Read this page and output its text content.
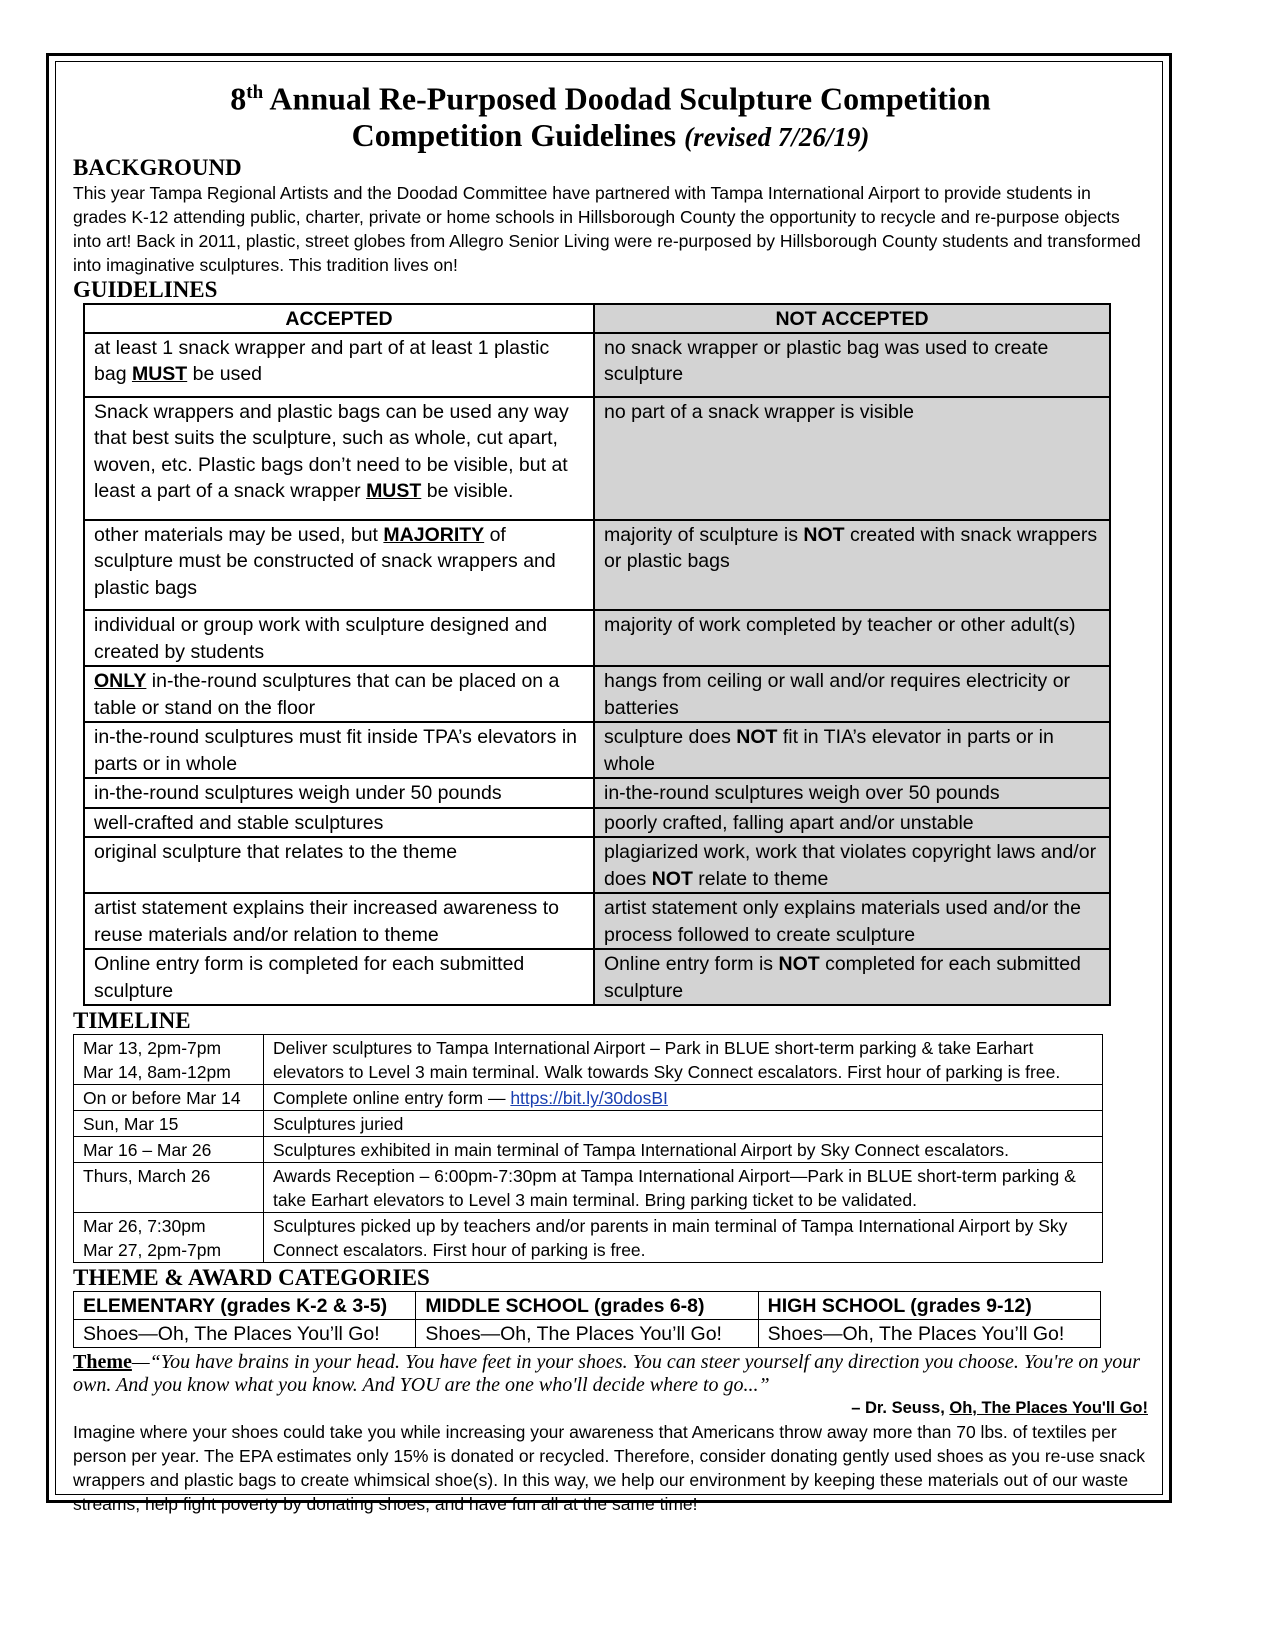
8th Annual Re-Purposed Doodad Sculpture Competition
Competition Guidelines (revised 7/26/19)
BACKGROUND

This year Tampa Regional Artists and the Doodad Committee have partnered with Tampa International Airport to provide students in grades K-12 attending public, charter, private or home schools in Hillsborough County the opportunity to recycle and re-purpose objects into art! Back in 2011, plastic, street globes from Allegro Senior Living were re-purposed by Hillsborough County students and transformed into imaginative sculptures. This tradition lives on!

GUIDELINES
ACCEPTED	NOT ACCEPTED
at least 1 snack wrapper and part of at least 1 plastic bag MUST be used	no snack wrapper or plastic bag was used to create sculpture
Snack wrappers and plastic bags can be used any way that best suits the sculpture, such as whole, cut apart, woven, etc. Plastic bags don’t need to be visible, but at least a part of a snack wrapper MUST be visible.	no part of a snack wrapper is visible
other materials may be used, but MAJORITY of sculpture must be constructed of snack wrappers and plastic bags	majority of sculpture is NOT created with snack wrappers or plastic bags
individual or group work with sculpture designed and created by students	majority of work completed by teacher or other adult(s)
ONLY in-the-round sculptures that can be placed on a table or stand on the floor	hangs from ceiling or wall and/or requires electricity or batteries
in-the-round sculptures must fit inside TPA’s elevators in parts or in whole	sculpture does NOT fit in TIA’s elevator in parts or in whole
in-the-round sculptures weigh under 50 pounds	in-the-round sculptures weigh over 50 pounds
well-crafted and stable sculptures	poorly crafted, falling apart and/or unstable
original sculpture that relates to the theme	plagiarized work, work that violates copyright laws and/or does NOT relate to theme
artist statement explains their increased awareness to reuse materials and/or relation to theme	artist statement only explains materials used and/or the process followed to create sculpture
Online entry form is completed for each submitted sculpture	Online entry form is NOT completed for each submitted sculpture
TIMELINE
Mar 13, 2pm-7pm
Mar 14, 8am-12pm	Deliver sculptures to Tampa International Airport – Park in BLUE short-term parking & take Earhart elevators to Level 3 main terminal. Walk towards Sky Connect escalators. First hour of parking is free.
On or before Mar 14	Complete online entry form — https://bit.ly/30dosBI
Sun, Mar 15	Sculptures juried
Mar 16 – Mar 26	Sculptures exhibited in main terminal of Tampa International Airport by Sky Connect escalators.
Thurs, March 26	Awards Reception – 6:00pm-7:30pm at Tampa International Airport—Park in BLUE short-term parking & take Earhart elevators to Level 3 main terminal. Bring parking ticket to be validated.
Mar 26, 7:30pm
Mar 27, 2pm-7pm	Sculptures picked up by teachers and/or parents in main terminal of Tampa International Airport by Sky Connect escalators. First hour of parking is free.
THEME & AWARD CATEGORIES
ELEMENTARY (grades K-2 & 3-5)	MIDDLE SCHOOL (grades 6-8)	HIGH SCHOOL (grades 9-12)
Shoes—Oh, The Places You’ll Go!	Shoes—Oh, The Places You’ll Go!	Shoes—Oh, The Places You’ll Go!

Theme—“You have brains in your head. You have feet in your shoes. You can steer yourself any direction you choose. You're on your own. And you know what you know. And YOU are the one who'll decide where to go...”

– Dr. Seuss, Oh, The Places You'll Go!

Imagine where your shoes could take you while increasing your awareness that Americans throw away more than 70 lbs. of textiles per person per year. The EPA estimates only 15% is donated or recycled. Therefore, consider donating gently used shoes as you re-use snack wrappers and plastic bags to create whimsical shoe(s). In this way, we help our environment by keeping these materials out of our waste streams, help fight poverty by donating shoes, and have fun all at the same time!
